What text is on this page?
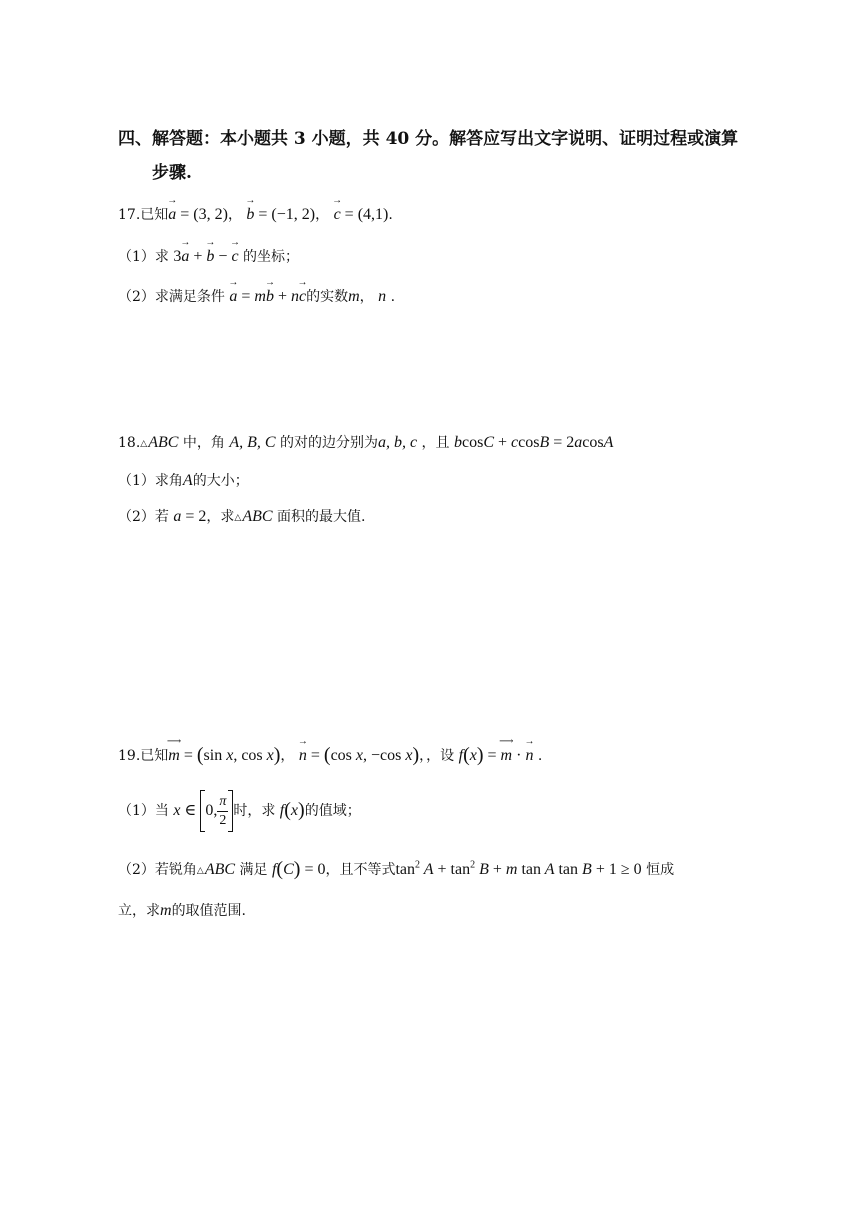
四、解答题：本小题共 3 小题，共 40 分。解答应写出文字说明、证明过程或演算
步骤.
17.已知→ a = (3, 2)， → b = (−1, 2)， → c = (4,1).
（1）求 3→ a + → b − → c 的坐标；
（2）求满足条件 → a = m→ b + n→ c的实数m， n .
18.△ABC 中，角 A, B, C 的对的边分别为a, b, c ，且 bcosC + ccosB = 2acosA
（1）求角A的大小；
（2）若 a = 2，求△ABC 面积的最大值.
19.已知⟶ m = (sin x, cos x)， → n = (cos x, −cos x)，，设 f(x) = ⟶ m · → n .
（1）当 x ∈ 0, $\frac{\pi}{2}$ 时，求 f(x)的值域；
（2）若锐角△ABC 满足 f(C) = 0，且不等式$\tan^2 A + \tan^2 B + m$ tan A tan B + 1 ≥ 0 恒成
立，求m的取值范围.
